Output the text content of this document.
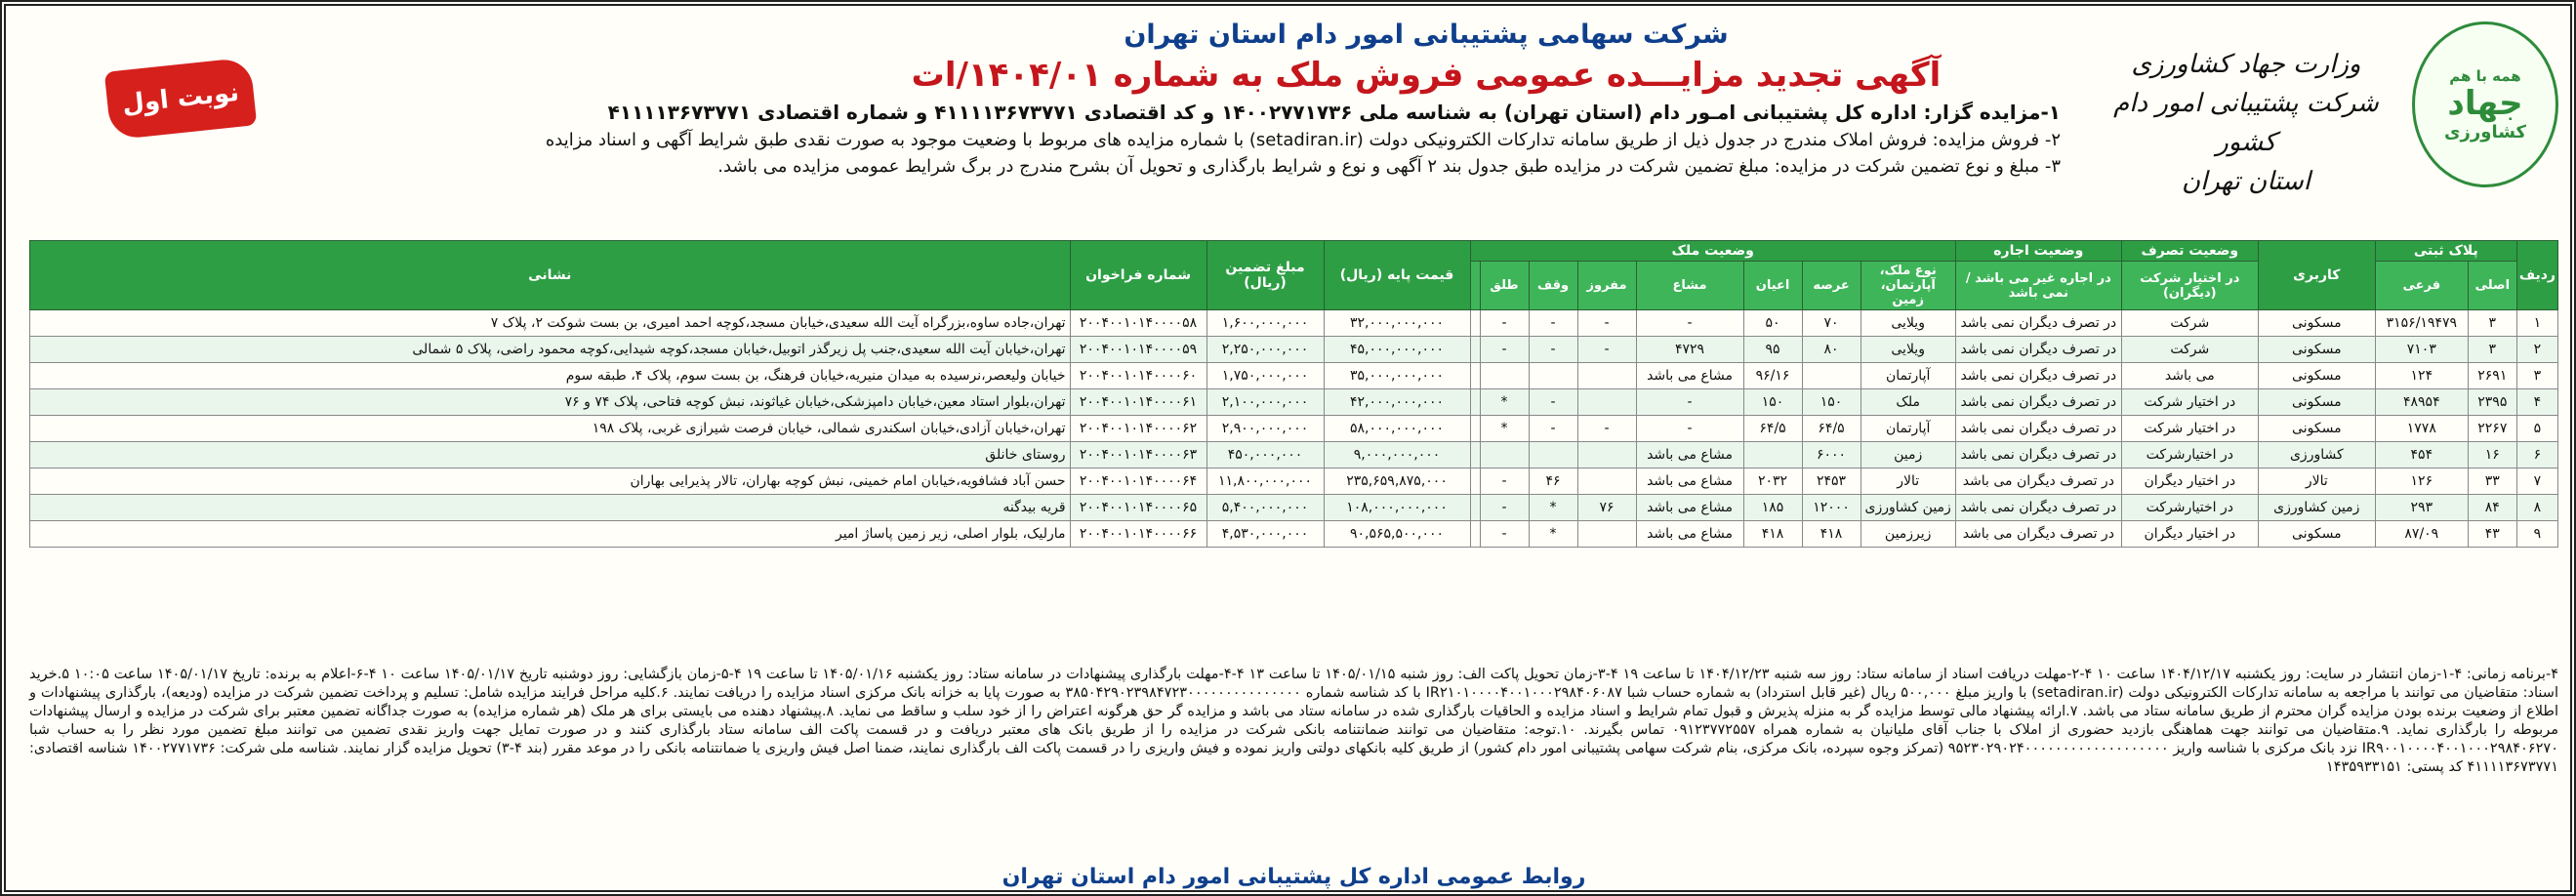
همه با هم
جهاد
کشاورزی
وزارت جهاد کشاورزی
شرکت پشتیبانی امور دام کشور
استان تهران
شرکت سهامی پشتیبانی امور دام استان تهران
آگهی تجدید مزایـــده عمومی فروش ملک به شماره ۱۴۰۴/۰۱/ات
۱-مزایده گزار: اداره کل پشتیبانی امـور دام (استان تهران) به شناسه ملی ۱۴۰۰۲۷۷۱۷۳۶ و کد اقتصادی ۴۱۱۱۱۳۶۷۳۷۷۱ و شماره اقتصادی ۴۱۱۱۱۳۶۷۳۷۷۱
۲- فروش مزایده: فروش املاک مندرج در جدول ذیل از طریق سامانه تدارکات الکترونیکی دولت (setadiran.ir) با شماره مزایده های مربوط با وضعیت موجود به صورت نقدی طبق شرایط آگهی و اسناد مزایده
۳- مبلغ و نوع تضمین شرکت در مزایده: مبلغ تضمین شرکت در مزایده طبق جدول بند ۲ آگهی و نوع و شرایط بارگذاری و تحویل آن بشرح مندرج در برگ شرایط عمومی مزایده می باشد.
نوبت اول
ردیف	پلاک ثبتی		کاربری	وضعیت تصرف	وضعیت اجاره	وضعیت ملک								قیمت پایه (ریال)	مبلغ تضمین (ریال)	شماره فراخوان	نشانی
	اصلی	فرعی		در اختیار شرکت (دیگران)	در اجاره غیر می باشد / نمی باشد	نوع ملک، آپارتمان، زمین	عرصه	اعیان	مشاع	مفروز	وقف	طلق					

۱	۳	۳۱۵۶/۱۹۴۷۹	مسکونی	شرکت	در تصرف دیگران نمی باشد	ویلایی	۷۰	۵۰	-	-	-	-		۳۲,۰۰۰,۰۰۰,۰۰۰	۱,۶۰۰,۰۰۰,۰۰۰	۲۰۰۴۰۰۱۰۱۴۰۰۰۰۵۸	تهران،جاده ساوه،بزرگراه آیت الله سعیدی،خیابان مسجد،کوچه احمد امیری، بن بست شوکت ۲، پلاک ۷
۲	۳	۷۱۰۳	مسکونی	شرکت	در تصرف دیگران نمی باشد	ویلایی	۸۰	۹۵	۴۷۲۹	-	-	-		۴۵,۰۰۰,۰۰۰,۰۰۰	۲,۲۵۰,۰۰۰,۰۰۰	۲۰۰۴۰۰۱۰۱۴۰۰۰۰۵۹	تهران،خیابان آیت الله سعیدی،جنب پل زیرگذر اتوبیل،خیابان مسجد،کوچه شیدایی،کوچه محمود راضی، پلاک ۵ شمالی
۳	۲۶۹۱	۱۲۴	مسکونی	می باشد	در تصرف دیگران نمی باشد	آپارتمان		۹۶/۱۶	مشاع می باشد					۳۵,۰۰۰,۰۰۰,۰۰۰	۱,۷۵۰,۰۰۰,۰۰۰	۲۰۰۴۰۰۱۰۱۴۰۰۰۰۶۰	خیابان ولیعصر،نرسیده به میدان منیریه،خیابان فرهنگ، بن بست سوم، پلاک ۴، طبقه سوم
۴	۲۳۹۵	۴۸۹۵۴	مسکونی	در اختیار شرکت	در تصرف دیگران نمی باشد	ملک	۱۵۰	۱۵۰	-		-	*		۴۲,۰۰۰,۰۰۰,۰۰۰	۲,۱۰۰,۰۰۰,۰۰۰	۲۰۰۴۰۰۱۰۱۴۰۰۰۰۶۱	تهران،بلوار استاد معین،خیابان دامپزشکی،خیابان غیاثوند، نبش کوچه فتاحی، پلاک ۷۴ و ۷۶
۵	۲۲۶۷	۱۷۷۸	مسکونی	در اختیار شرکت	در تصرف دیگران نمی باشد	آپارتمان	۶۴/۵	۶۴/۵	-	-	-	*		۵۸,۰۰۰,۰۰۰,۰۰۰	۲,۹۰۰,۰۰۰,۰۰۰	۲۰۰۴۰۰۱۰۱۴۰۰۰۰۶۲	تهران،خیابان آزادی،خیابان اسکندری شمالی، خیابان فرصت شیرازی غربی، پلاک ۱۹۸
۶	۱۶	۴۵۴	کشاورزی	در اختیارشرکت	در تصرف دیگران نمی باشد	زمین	۶۰۰۰		مشاع می باشد					۹,۰۰۰,۰۰۰,۰۰۰	۴۵۰,۰۰۰,۰۰۰	۲۰۰۴۰۰۱۰۱۴۰۰۰۰۶۳	روستای خانلق
۷	۳۳	۱۲۶	تالار	در اختیار دیگران	در تصرف دیگران می باشد	تالار	۲۴۵۳	۲۰۳۲	مشاع می باشد		۴۶	-		۲۳۵,۶۵۹,۸۷۵,۰۰۰	۱۱,۸۰۰,۰۰۰,۰۰۰	۲۰۰۴۰۰۱۰۱۴۰۰۰۰۶۴	حسن آباد فشافویه،خیابان امام خمینی، نبش کوچه بهاران، تالار پذیرایی بهاران
۸	۸۴	۲۹۳	زمین کشاورزی	در اختیارشرکت	در تصرف دیگران نمی باشد	زمین کشاورزی	۱۲۰۰۰	۱۸۵	مشاع می باشد	۷۶	*	-		۱۰۸,۰۰۰,۰۰۰,۰۰۰	۵,۴۰۰,۰۰۰,۰۰۰	۲۰۰۴۰۰۱۰۱۴۰۰۰۰۶۵	قریه بیدگنه
۹	۴۳	۸۷/۰۹	مسکونی	در اختیار دیگران	در تصرف دیگران می باشد	زیرزمین	۴۱۸	۴۱۸	مشاع می باشد		*	-		۹۰,۵۶۵,۵۰۰,۰۰۰	۴,۵۳۰,۰۰۰,۰۰۰	۲۰۰۴۰۰۱۰۱۴۰۰۰۰۶۶	مارلیک، بلوار اصلی، زیر زمین پاساژ امیر
۴-برنامه زمانی: ۴-۱-زمان انتشار در سایت: روز یکشنبه ۱۴۰۴/۱۲/۱۷ ساعت ۱۰ ۴-۲-مهلت دریافت اسناد از سامانه ستاد: روز سه شنبه ۱۴۰۴/۱۲/۲۳ تا ساعت ۱۹ ۴-۳-زمان تحویل پاکت الف: روز شنبه ۱۴۰۵/۰۱/۱۵ تا ساعت ۱۳ ۴-۴-مهلت بارگذاری پیشنهادات در سامانه ستاد: روز یکشنبه ۱۴۰۵/۰۱/۱۶ تا ساعت ۱۹ ۴-۵-زمان بازگشایی: روز دوشنبه تاریخ ۱۴۰۵/۰۱/۱۷ ساعت ۱۰ ۴-۶-اعلام به برنده: تاریخ ۱۴۰۵/۰۱/۱۷ ساعت ۱۰:۰۵ ۵.خرید اسناد: متقاضیان می توانند با مراجعه به سامانه تدارکات الکترونیکی دولت (setadiran.ir) با واریز مبلغ ۵۰۰,۰۰۰ ریال (غیر قابل استرداد) به شماره حساب شبا IR۲۱۰۱۰۰۰۰۴۰۰۱۰۰۰۲۹۸۴۰۶۰۸۷ با کد شناسه شماره ۳۸۵۰۴۲۹۰۲۳۹۸۴۷۲۳۰۰۰۰۰۰۰۰۰۰۰۰۰۰۰ به صورت پایا به خزانه بانک مرکزی اسناد مزایده را دریافت نمایند. ۶.کلیه مراحل فرایند مزایده شامل: تسلیم و پرداخت تضمین شرکت در مزایده (ودیعه)، بارگذاری پیشنهادات و اطلاع از وضعیت برنده بودن مزایده گران محترم از طریق سامانه ستاد می باشد. ۷.ارائه پیشنهاد مالی توسط مزایده گر به منزله پذیرش و قبول تمام شرایط و اسناد مزایده و الحاقیات بارگذاری شده در سامانه ستاد می باشد و مزایده گر حق هرگونه اعتراض را از خود سلب و ساقط می نماید. ۸.پیشنهاد دهنده می بایستی برای هر ملک (هر شماره مزایده) به صورت جداگانه تضمین معتبر برای شرکت در مزایده و ارسال پیشنهادات مربوطه را بارگذاری نماید. ۹.متقاضیان می توانند جهت هماهنگی بازدید حضوری از املاک با جناب آقای ملیانیان به شماره همراه ۰۹۱۲۳۷۷۲۵۵۷ تماس بگیرند. ۱۰.توجه: متقاضیان می توانند ضمانتنامه بانکی شرکت در مزایده را از طریق بانک های معتبر دریافت و در قسمت پاکت الف سامانه ستاد بارگذاری کنند و در صورت تمایل جهت واریز نقدی تضمین می توانند مبلغ تضمین مورد نظر را به حساب شبا IR۹۰۰۱۰۰۰۰۴۰۰۱۰۰۰۲۹۸۴۰۶۲۷۰ نزد بانک مرکزی با شناسه واریز ۹۵۲۳۰۲۹۰۲۴۰۰۰۰۰۰۰۰۰۰۰۰۰۰۰۰۰۰۰ (تمرکز وجوه سپرده، بانک مرکزی، بنام شرکت سهامی پشتیبانی امور دام کشور) از طریق کلیه بانکهای دولتی واریز نموده و فیش واریزی را در قسمت پاکت الف بارگذاری نمایند، ضمنا اصل فیش واریزی یا ضمانتنامه بانکی را در موعد مقرر (بند ۴-۳) تحویل مزایده گزار نمایند. شناسه ملی شرکت: ۱۴۰۰۲۷۷۱۷۳۶ شناسه اقتصادی: ۴۱۱۱۱۳۶۷۳۷۷۱ کد پستی: ۱۴۳۵۹۳۳۱۵۱
روابط عمومی اداره کل پشتیبانی امور دام استان تهران
